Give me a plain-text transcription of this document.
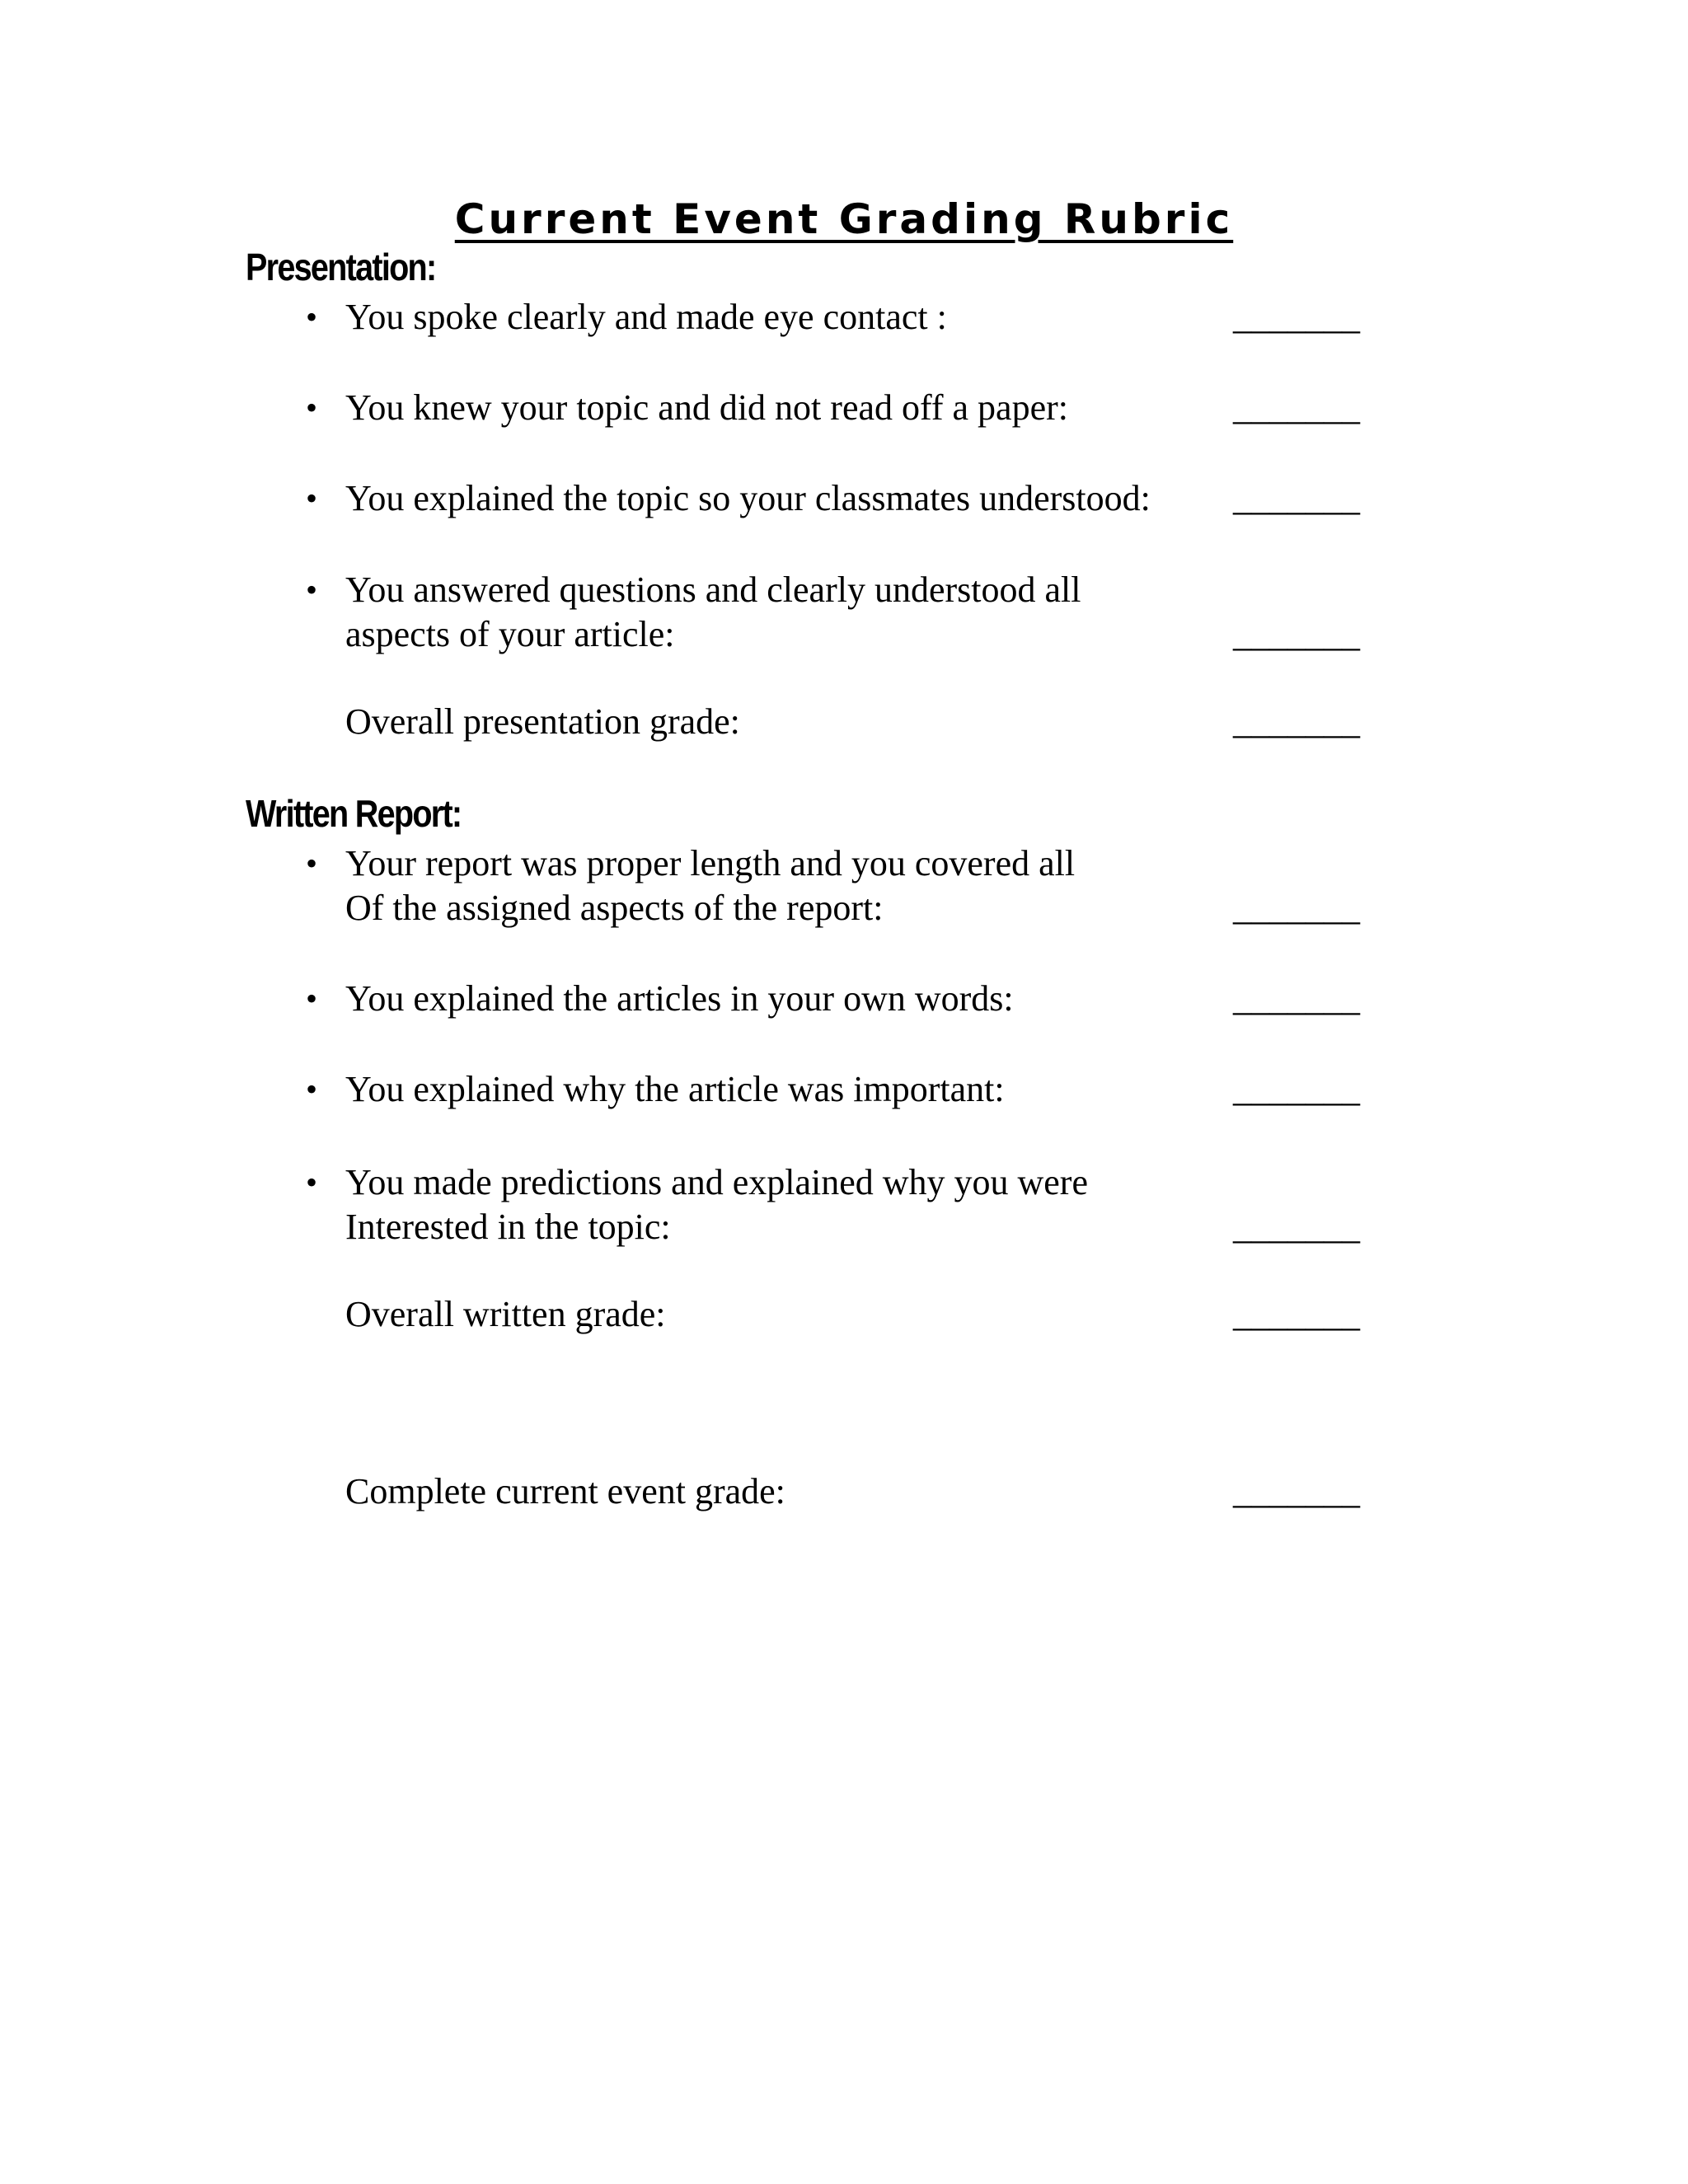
Current Event Grading Rubric
Presentation:
• You spoke clearly and made eye contact :	_______
• You knew your topic and did not read off a paper:	_______
• You explained the topic so your classmates understood: _______
• You answered questions and clearly understood all
aspects of your article:	_______
Overall presentation grade:	_______
Written Report:
• Your report was proper length and you covered all
Of the assigned aspects of the report:	_______
• You explained the articles in your own words:	_______
• You explained why the article was important:	_______
• You made predictions and explained why you were
Interested in the topic:	_______
Overall written grade:	_______
Complete current event grade:	_______
